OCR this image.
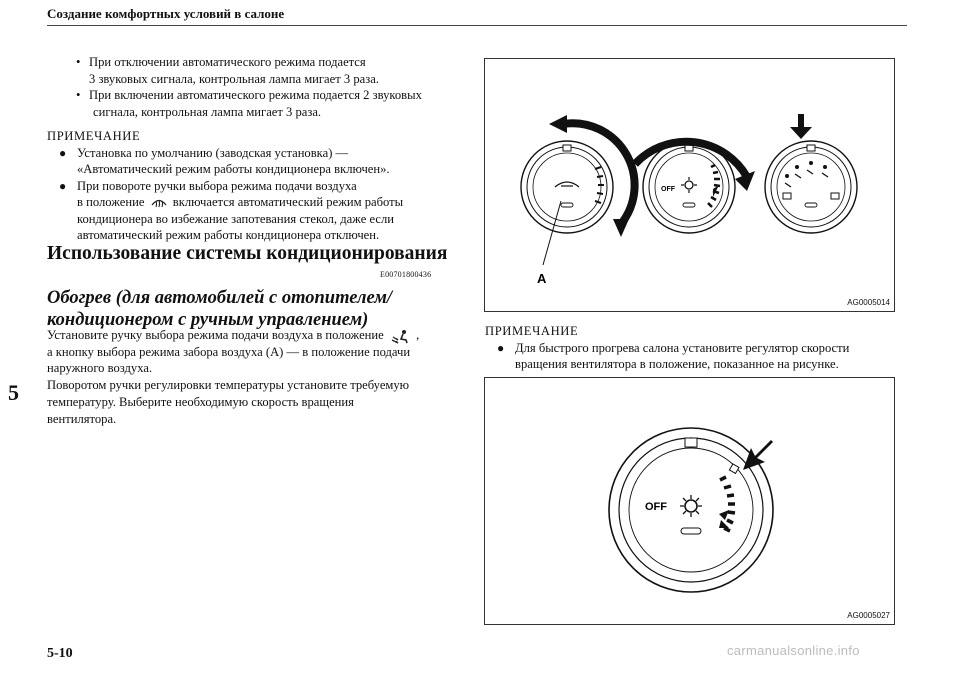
Создание комфортных условий в салоне
5
• При отключении автоматического режима подается
3 звуковых сигнала, контрольная лампа мигает 3 раза.
• При включении автоматического режима подается 2 звуковых
сигнала, контрольная лампа мигает 3 раза.
ПРИМЕЧАНИЕ
● Установка по умолчанию (заводская установка) —
«Автоматический режим работы кондиционера включен».
● При повороте ручки выбора режима подачи воздуха
в положение включается автоматический режим работы
кондиционера во избежание запотевания стекол, даже если
автоматический режим работы кондиционера отключен.
Использование системы кондиционирования
E00701800436
Обогрев (для автомобилей с отопителем/
кондиционером с ручным управлением)
Установите ручку выбора режима подачи воздуха в положение	,
а кнопку выбора режима забора воздуха (А) — в положение подачи
наружного воздуха.
Поворотом ручки регулировки температуры установите требуемую
температуру. Выберите необходимую скорость вращения
вентилятора.
A
OFF
AG0005014
ПРИМЕЧАНИЕ
● Для быстрого прогрева салона установите регулятор скорости
вращения вентилятора в положение, показанное на рисунке.
OFF
AG0005027
5-10	carmanualsonline.info
